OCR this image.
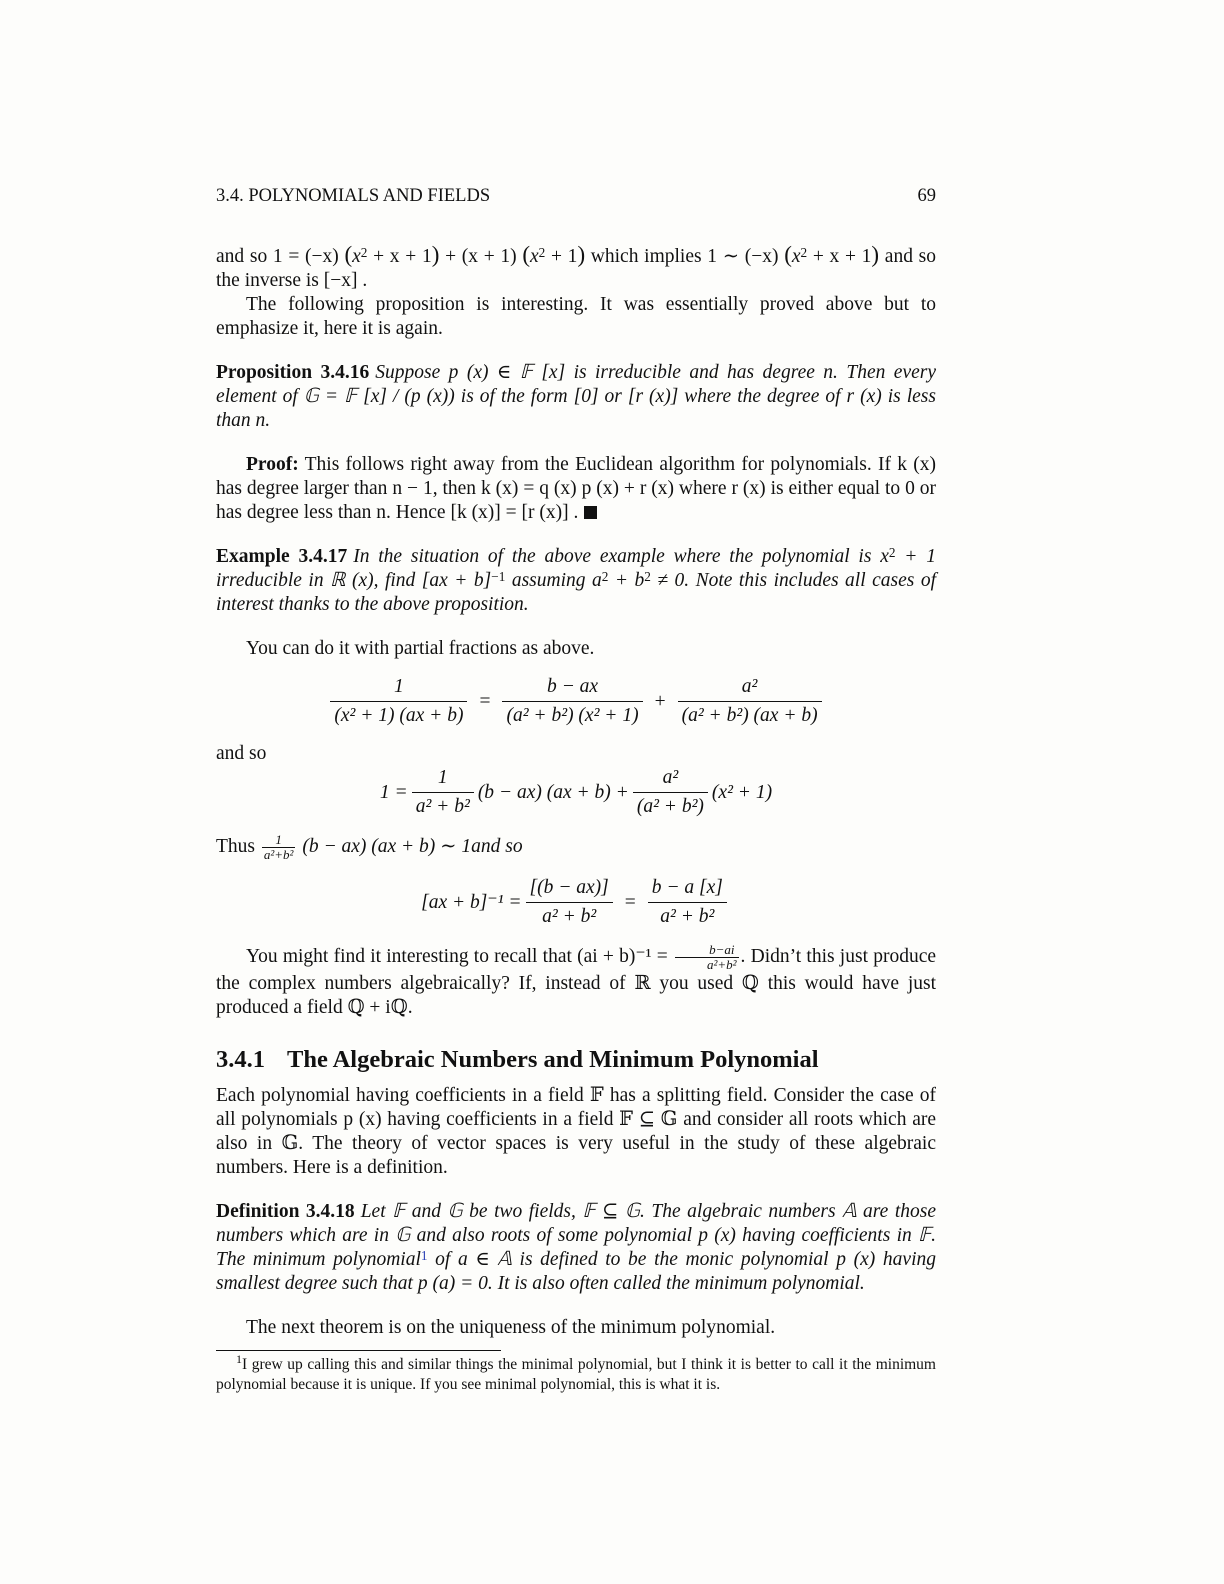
3.4. POLYNOMIALS AND FIELDS	69

and so 1 = (−x) $(x^2 + x + 1) + (x + 1) (x^2 + 1)$ which implies 1 ∼ (−x) $(x^2 + x + 1)$ and so the inverse is [−x] .

The following proposition is interesting. It was essentially proved above but to emphasize it, here it is again.

Proposition 3.4.16 Suppose p (x) ∈ 𝔽 [x] is irreducible and has degree n. Then every element of 𝔾 = 𝔽 [x] / (p (x)) is of the form [0] or [r (x)] where the degree of r (x) is less than n.

Proof: This follows right away from the Euclidean algorithm for polynomials. If k (x) has degree larger than n − 1, then k (x) = q (x) p (x) + r (x) where r (x) is either equal to 0 or has degree less than n. Hence [k (x)] = [r (x)] .

Example 3.4.17 In the situation of the above example where the polynomial is $x^2 + 1$ irreducible in ℝ (x), find [ax + b]$^{-1}$ assuming $a^2 + b^2 \ne 0$. Note this includes all cases of interest thanks to the above proposition.

You can do it with partial fractions as above.

$\frac{1}{\text{(x² + 1) (ax + b)}} = \frac{b - ax}{\text{(a² + b²) (x² + 1)}} + \frac{\text{a²}}{\text{(a² + b²) (ax + b)}}$

and so

$1 = \frac{1}{\text{a² + b²}} (b - ax) (ax + b) + \frac{\text{a²}}{\text{(a² + b²)}} (x^2 + 1)$

Thus $\frac{1}{\text{a²+b²}} (b - ax) (ax + b)$ ∼ 1and so

$[ax + b]^{-1} = \frac{[(b - ax)]}{\text{a² + b²}} = \frac{b - a [x]}{\text{a² + b²}}$

You might find it interesting to recall that $(ai + b)^{-1} = \frac{b-ai}{\text{a²+b²}}$ . Didn’t this just produce the complex numbers algebraically? If, instead of ℝ you used ℚ this would have just produced a field ℚ + iℚ.

3.4.1 The Algebraic Numbers and Minimum Polynomial

Each polynomial having coefficients in a field 𝔽 has a splitting field. Consider the case of all polynomials p (x) having coefficients in a field 𝔽 ⊆ 𝔾 and consider all roots which are also in 𝔾. The theory of vector spaces is very useful in the study of these algebraic numbers. Here is a definition.

Definition 3.4.18 Let 𝔽 and 𝔾 be two fields, 𝔽 ⊆ 𝔾. The algebraic numbers 𝔸 are those numbers which are in 𝔾 and also roots of some polynomial p (x) having coefficients in 𝔽. The minimum polynomial$^1$ of a ∈ 𝔸 is defined to be the monic polynomial p (x) having smallest degree such that p (a) = 0. It is also often called the minimum polynomial.

The next theorem is on the uniqueness of the minimum polynomial.

$^1$I grew up calling this and similar things the minimal polynomial, but I think it is better to call it the minimum polynomial because it is unique. If you see minimal polynomial, this is what it is.
